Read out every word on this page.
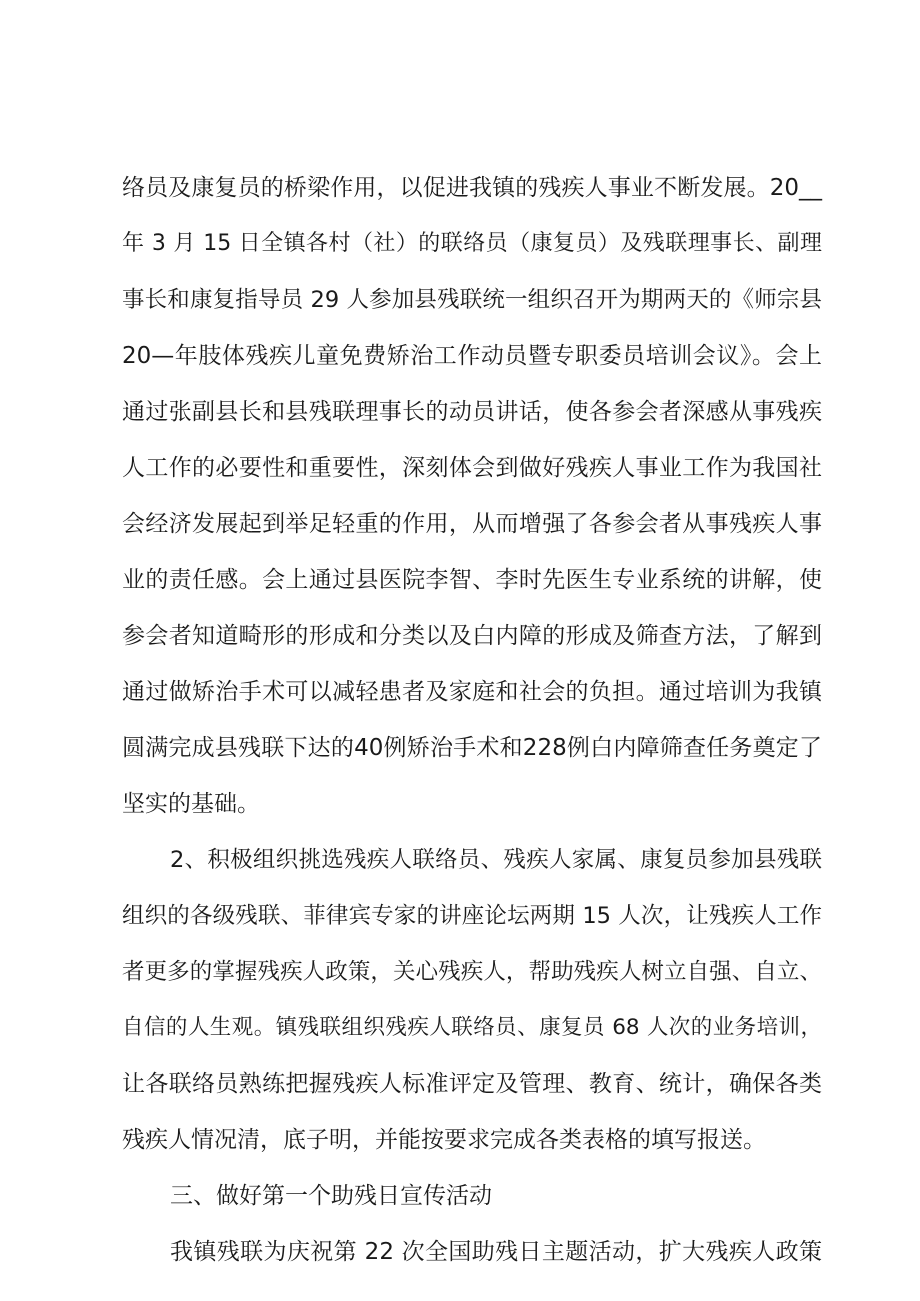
络员及康复员的桥梁作用，以促进我镇的残疾人事业不断发展。20__
年 3 月 15 日全镇各村（社）的联络员（康复员）及残联理事长、副理
事长和康复指导员 29 人参加县残联统一组织召开为期两天的《师宗县
20—年肢体残疾儿童免费矫治工作动员暨专职委员培训会议》。会上
通过张副县长和县残联理事长的动员讲话，使各参会者深感从事残疾
人工作的必要性和重要性，深刻体会到做好残疾人事业工作为我国社
会经济发展起到举足轻重的作用，从而增强了各参会者从事残疾人事
业的责任感。会上通过县医院李智、李时先医生专业系统的讲解，使
参会者知道畸形的形成和分类以及白内障的形成及筛查方法，了解到
通过做矫治手术可以减轻患者及家庭和社会的负担。通过培训为我镇
圆满完成县残联下达的40例矫治手术和228例白内障筛查任务奠定了
坚实的基础。
2、积极组织挑选残疾人联络员、残疾人家属、康复员参加县残联
组织的各级残联、菲律宾专家的讲座论坛两期 15 人次，让残疾人工作
者更多的掌握残疾人政策，关心残疾人，帮助残疾人树立自强、自立、
自信的人生观。镇残联组织残疾人联络员、康复员 68 人次的业务培训，
让各联络员熟练把握残疾人标准评定及管理、教育、统计，确保各类
残疾人情况清，底子明，并能按要求完成各类表格的填写报送。
三、做好第一个助残日宣传活动
我镇残联为庆祝第 22 次全国助残日主题活动，扩大残疾人政策
